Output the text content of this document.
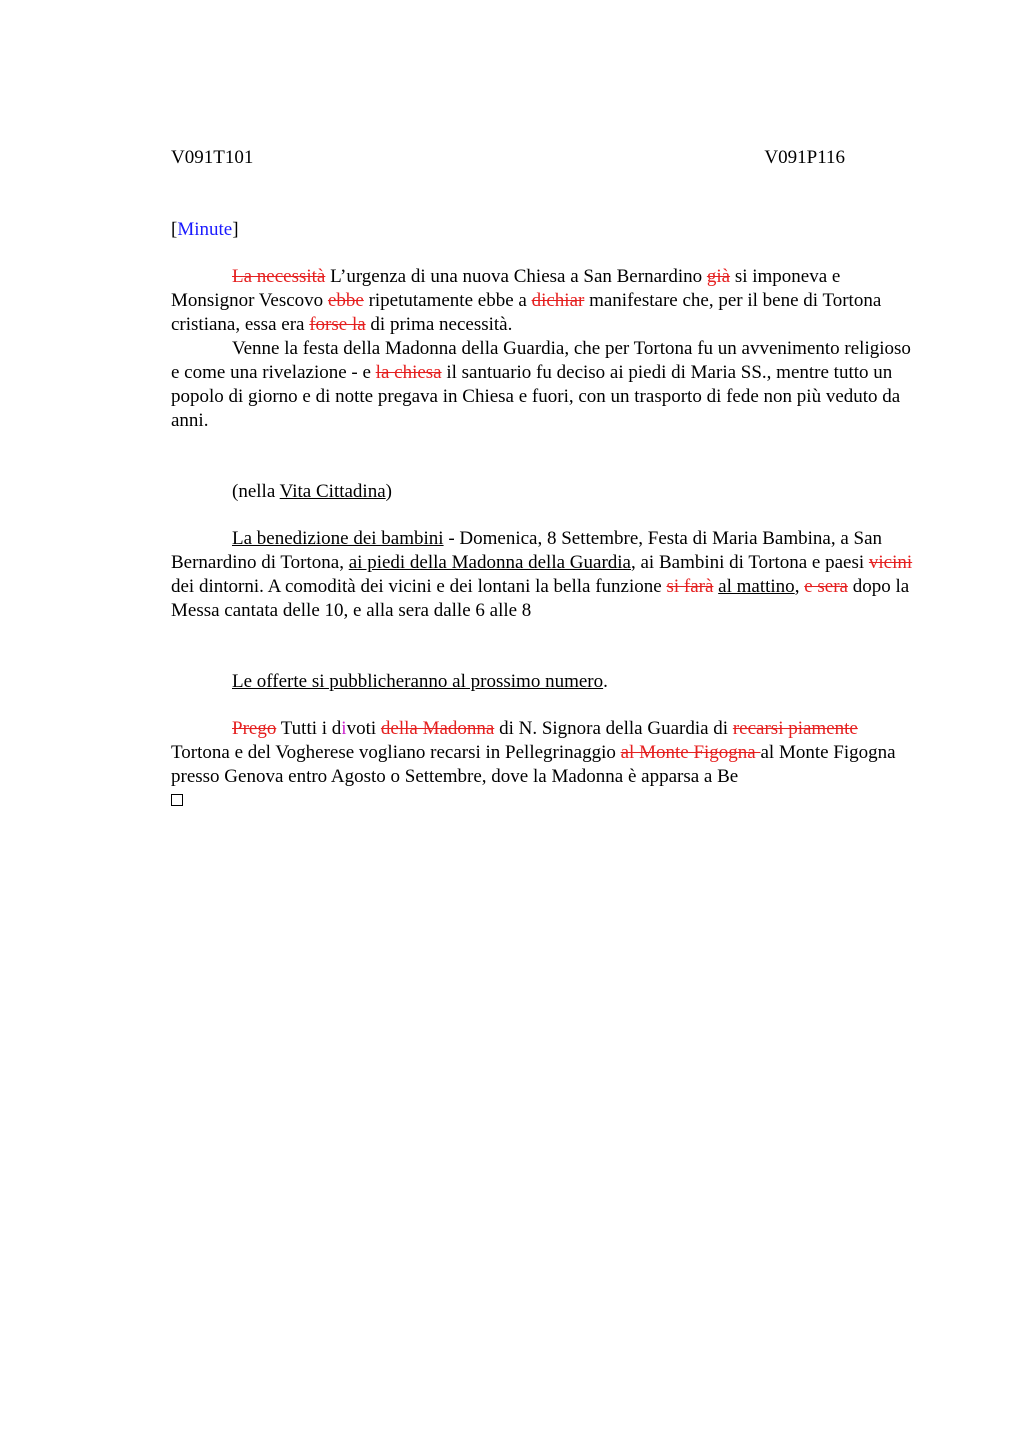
V091T101	V091P116
[Minute]

La necessità L’urgenza di una nuova Chiesa a San Bernardino già si imponeva e Monsignor Vescovo ebbe ripetutamente ebbe a dichiar manifestare che, per il bene di Tortona cristiana, essa era forse la di prima necessità.

Venne la festa della Madonna della Guardia, che per Tortona fu un avvenimento religioso e come una rivelazione - e la chiesa il santuario fu deciso ai piedi di Maria SS., mentre tutto un popolo di giorno e di notte pregava in Chiesa e fuori, con un trasporto di fede non più veduto da anni.

(nella Vita Cittadina)

La benedizione dei bambini - Domenica, 8 Settembre, Festa di Maria Bambina, a San Bernardino di Tortona, ai piedi della Madonna della Guardia, ai Bambini di Tortona e paesi vicini dei dintorni. A comodità dei vicini e dei lontani la bella funzione si farà al mattino, e sera dopo la Messa cantata delle 10, e alla sera dalle 6 alle 8

Le offerte si pubblicheranno al prossimo numero.

Prego Tutti i divoti della Madonna di N. Signora della Guardia di recarsi piamente Tortona e del Vogherese vogliano recarsi in Pellegrinaggio al Monte Figogna al Monte Figogna presso Genova entro Agosto o Settembre, dove la Madonna è apparsa a Be
